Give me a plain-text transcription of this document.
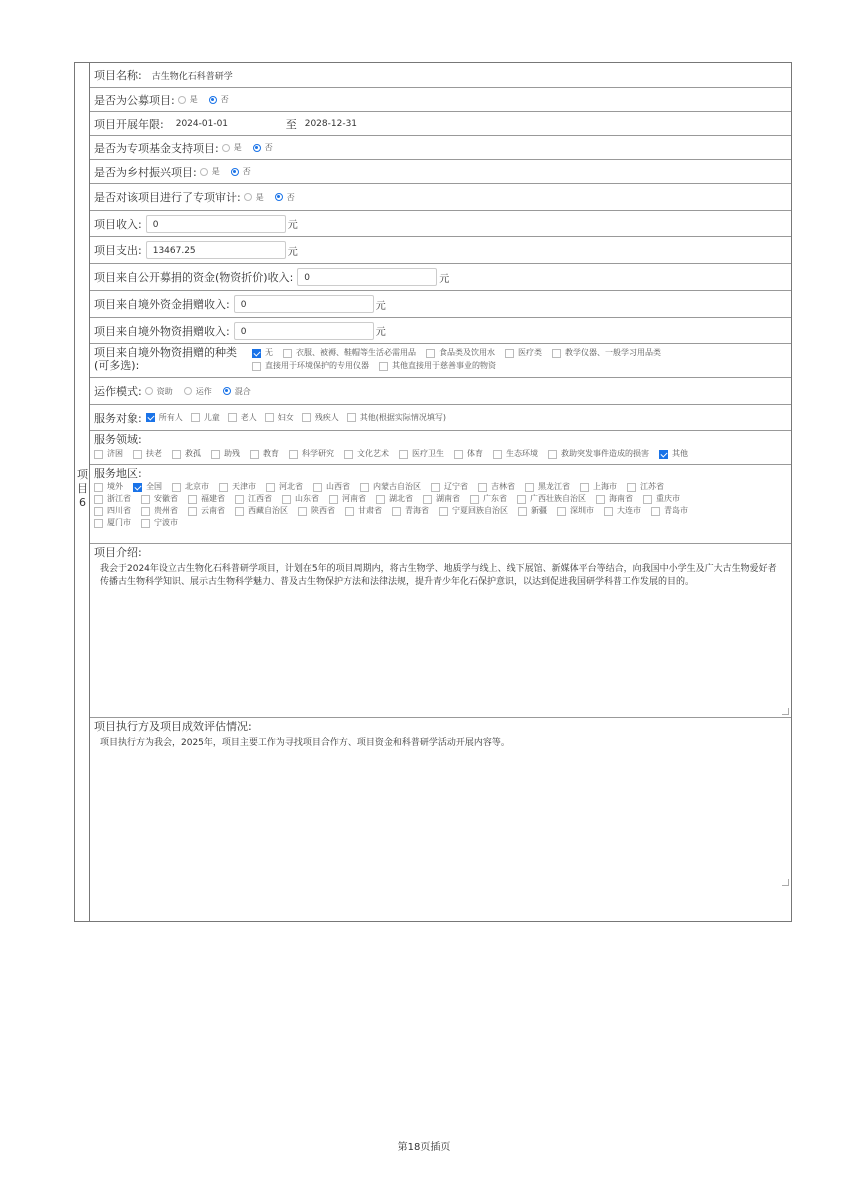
项目6
项目名称: 古生物化石科普研学
是否为公募项目: 是	否
项目开展年限: 2024-01-01	至 2028-12-31
是否为专项基金支持项目: 是	否
是否为乡村振兴项目: 是	否
是否对该项目进行了专项审计: 是	否
项目收入:	0	元
项目支出:	13467.25	元
项目来自公开募捐的资金(物资折价)收入:	0	元
项目来自境外资金捐赠收入:	0	元
项目来自境外物资捐赠收入:	0	元
项目来自境外物资捐赠的种类
(可多选):
无	衣服、被褥、鞋帽等生活必需用品	食品类及饮用水	医疗类	教学仪器、一般学习用品类
直接用于环境保护的专用仪器	其他直接用于慈善事业的物资
运作模式: 资助	运作	混合
服务对象: 所有人	儿童	老人	妇女	残疾人	其他(根据实际情况填写)
服务领域:
济困	扶老	救孤	助残	教育	科学研究	文化艺术	医疗卫生	体育	生态环境	救助突发事件造成的损害	其他
服务地区:
境外	全国	北京市	天津市	河北省	山西省	内蒙古自治区	辽宁省	吉林省	黑龙江省	上海市	江苏省
浙江省	安徽省	福建省	江西省	山东省	河南省	湖北省	湖南省	广东省	广西壮族自治区	海南省	重庆市
四川省	贵州省	云南省	西藏自治区	陕西省	甘肃省	青海省	宁夏回族自治区	新疆	深圳市	大连市	青岛市
厦门市	宁波市
项目介绍:
我会于2024年设立古生物化石科普研学项目，计划在5年的项目周期内，将古生物学、地质学与线上、线下展馆、新媒体平台等结合，向我国中小学生及广大古生物爱好者传播古生物科学知识、展示古生物科学魅力、普及古生物保护方法和法律法规，提升青少年化石保护意识，以达到促进我国研学科普工作发展的目的。
项目执行方及项目成效评估情况:
项目执行方为我会，2025年，项目主要工作为寻找项目合作方、项目资金和科普研学活动开展内容等。
第18页插页
